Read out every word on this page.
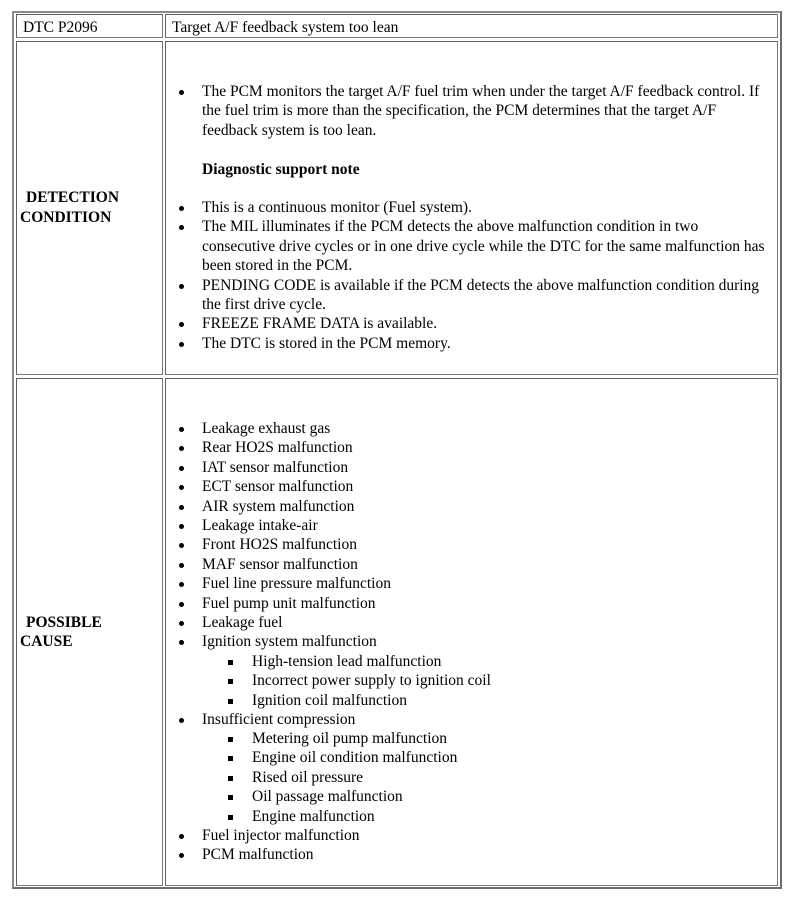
DTC P2096	Target A/F feedback system too lean
DETECTION
CONDITION
The PCM monitors the target A/F fuel trim when under the target A/F feedback control. If the fuel trim is more than the specification, the PCM determines that the target A/F feedback system is too lean.
Diagnostic support note
This is a continuous monitor (Fuel system).
The MIL illuminates if the PCM detects the above malfunction condition in two consecutive drive cycles or in one drive cycle while the DTC for the same malfunction has been stored in the PCM.
PENDING CODE is available if the PCM detects the above malfunction condition during the first drive cycle.
FREEZE FRAME DATA is available.
The DTC is stored in the PCM memory.
POSSIBLE
CAUSE
Leakage exhaust gas
Rear HO2S malfunction
IAT sensor malfunction
ECT sensor malfunction
AIR system malfunction
Leakage intake-air
Front HO2S malfunction
MAF sensor malfunction
Fuel line pressure malfunction
Fuel pump unit malfunction
Leakage fuel
Ignition system malfunction
High-tension lead malfunction
Incorrect power supply to ignition coil
Ignition coil malfunction
Insufficient compression
Metering oil pump malfunction
Engine oil condition malfunction
Rised oil pressure
Oil passage malfunction
Engine malfunction
Fuel injector malfunction
PCM malfunction
